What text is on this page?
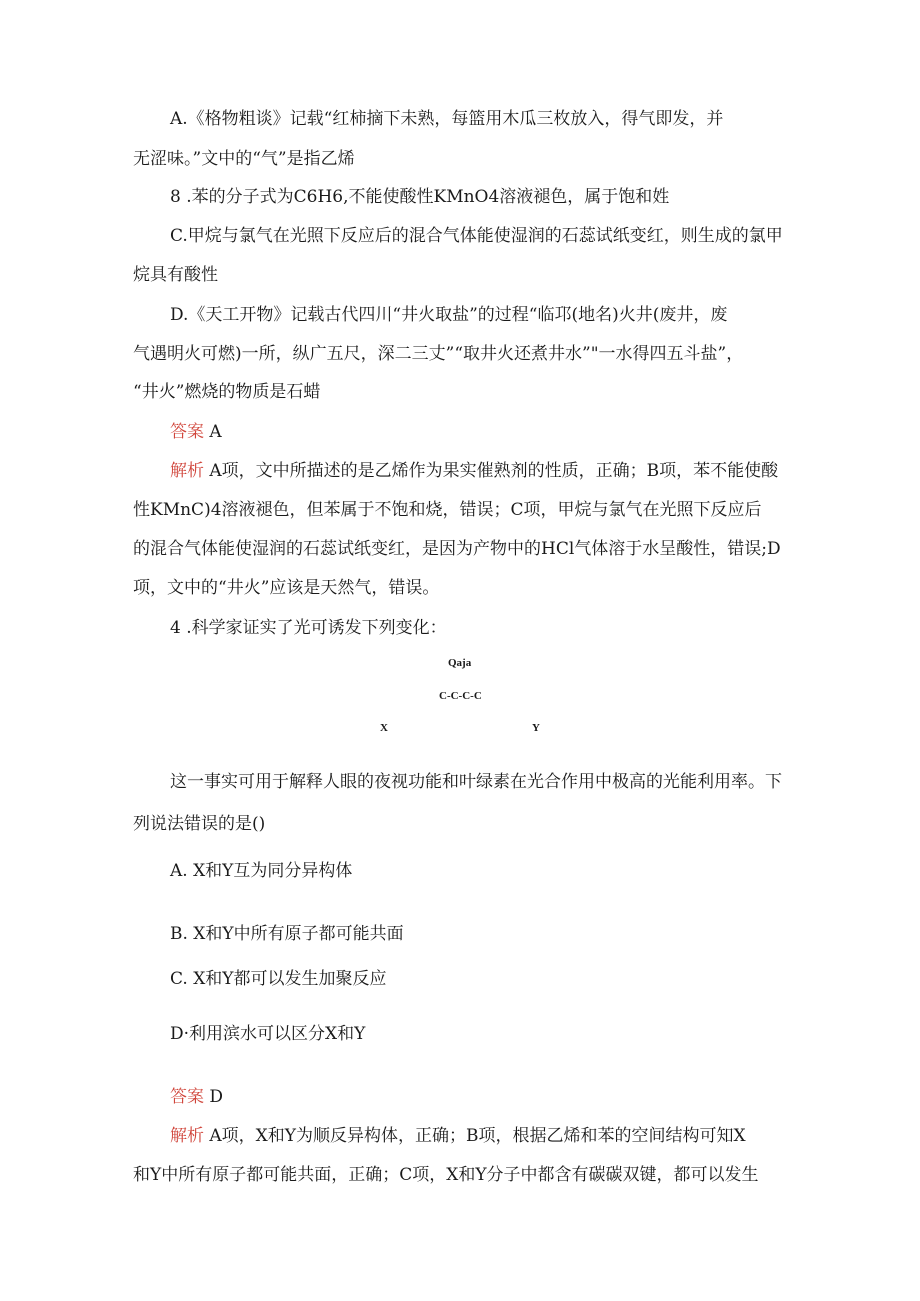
A.《格物粗谈》记载“红柿摘下未熟，每篮用木瓜三枚放入，得气即发，并
无涩味。”文中的“气”是指乙烯
8 .苯的分子式为C6H6,不能使酸性KMnO4溶液褪色，属于饱和姓
C.甲烷与氯气在光照下反应后的混合气体能使湿润的石蕊试纸变红，则生成的氯甲
烷具有酸性
D.《天工开物》记载古代四川“井火取盐”的过程“临邛(地名)火井(废井，废
气遇明火可燃)一所，纵广五尺，深二三丈”“取井火还煮井水”"一水得四五斗盐”，
“井火”燃烧的物质是石蜡
答案 A
解析 A项，文中所描述的是乙烯作为果实催熟剂的性质，正确；B项，苯不能使酸
性KMnC)4溶液褪色，但苯属于不饱和烧，错误；C项，甲烷与氯气在光照下反应后
的混合气体能使湿润的石蕊试纸变红，是因为产物中的HCl气体溶于水呈酸性，错误;D
项，文中的“井火”应该是天然气，错误。
4 .科学家证实了光可诱发下列变化：
Qaja
C-C-C-C
X	Y
这一事实可用于解释人眼的夜视功能和叶绿素在光合作用中极高的光能利用率。下
列说法错误的是()
A. X和Y互为同分异构体
B. X和Y中所有原子都可能共面
C. X和Y都可以发生加聚反应
D·利用滨水可以区分X和Y
答案 D
解析 A项，X和Y为顺反异构体，正确；B项，根据乙烯和苯的空间结构可知X
和Y中所有原子都可能共面，正确；C项，X和Y分子中都含有碳碳双键，都可以发生
